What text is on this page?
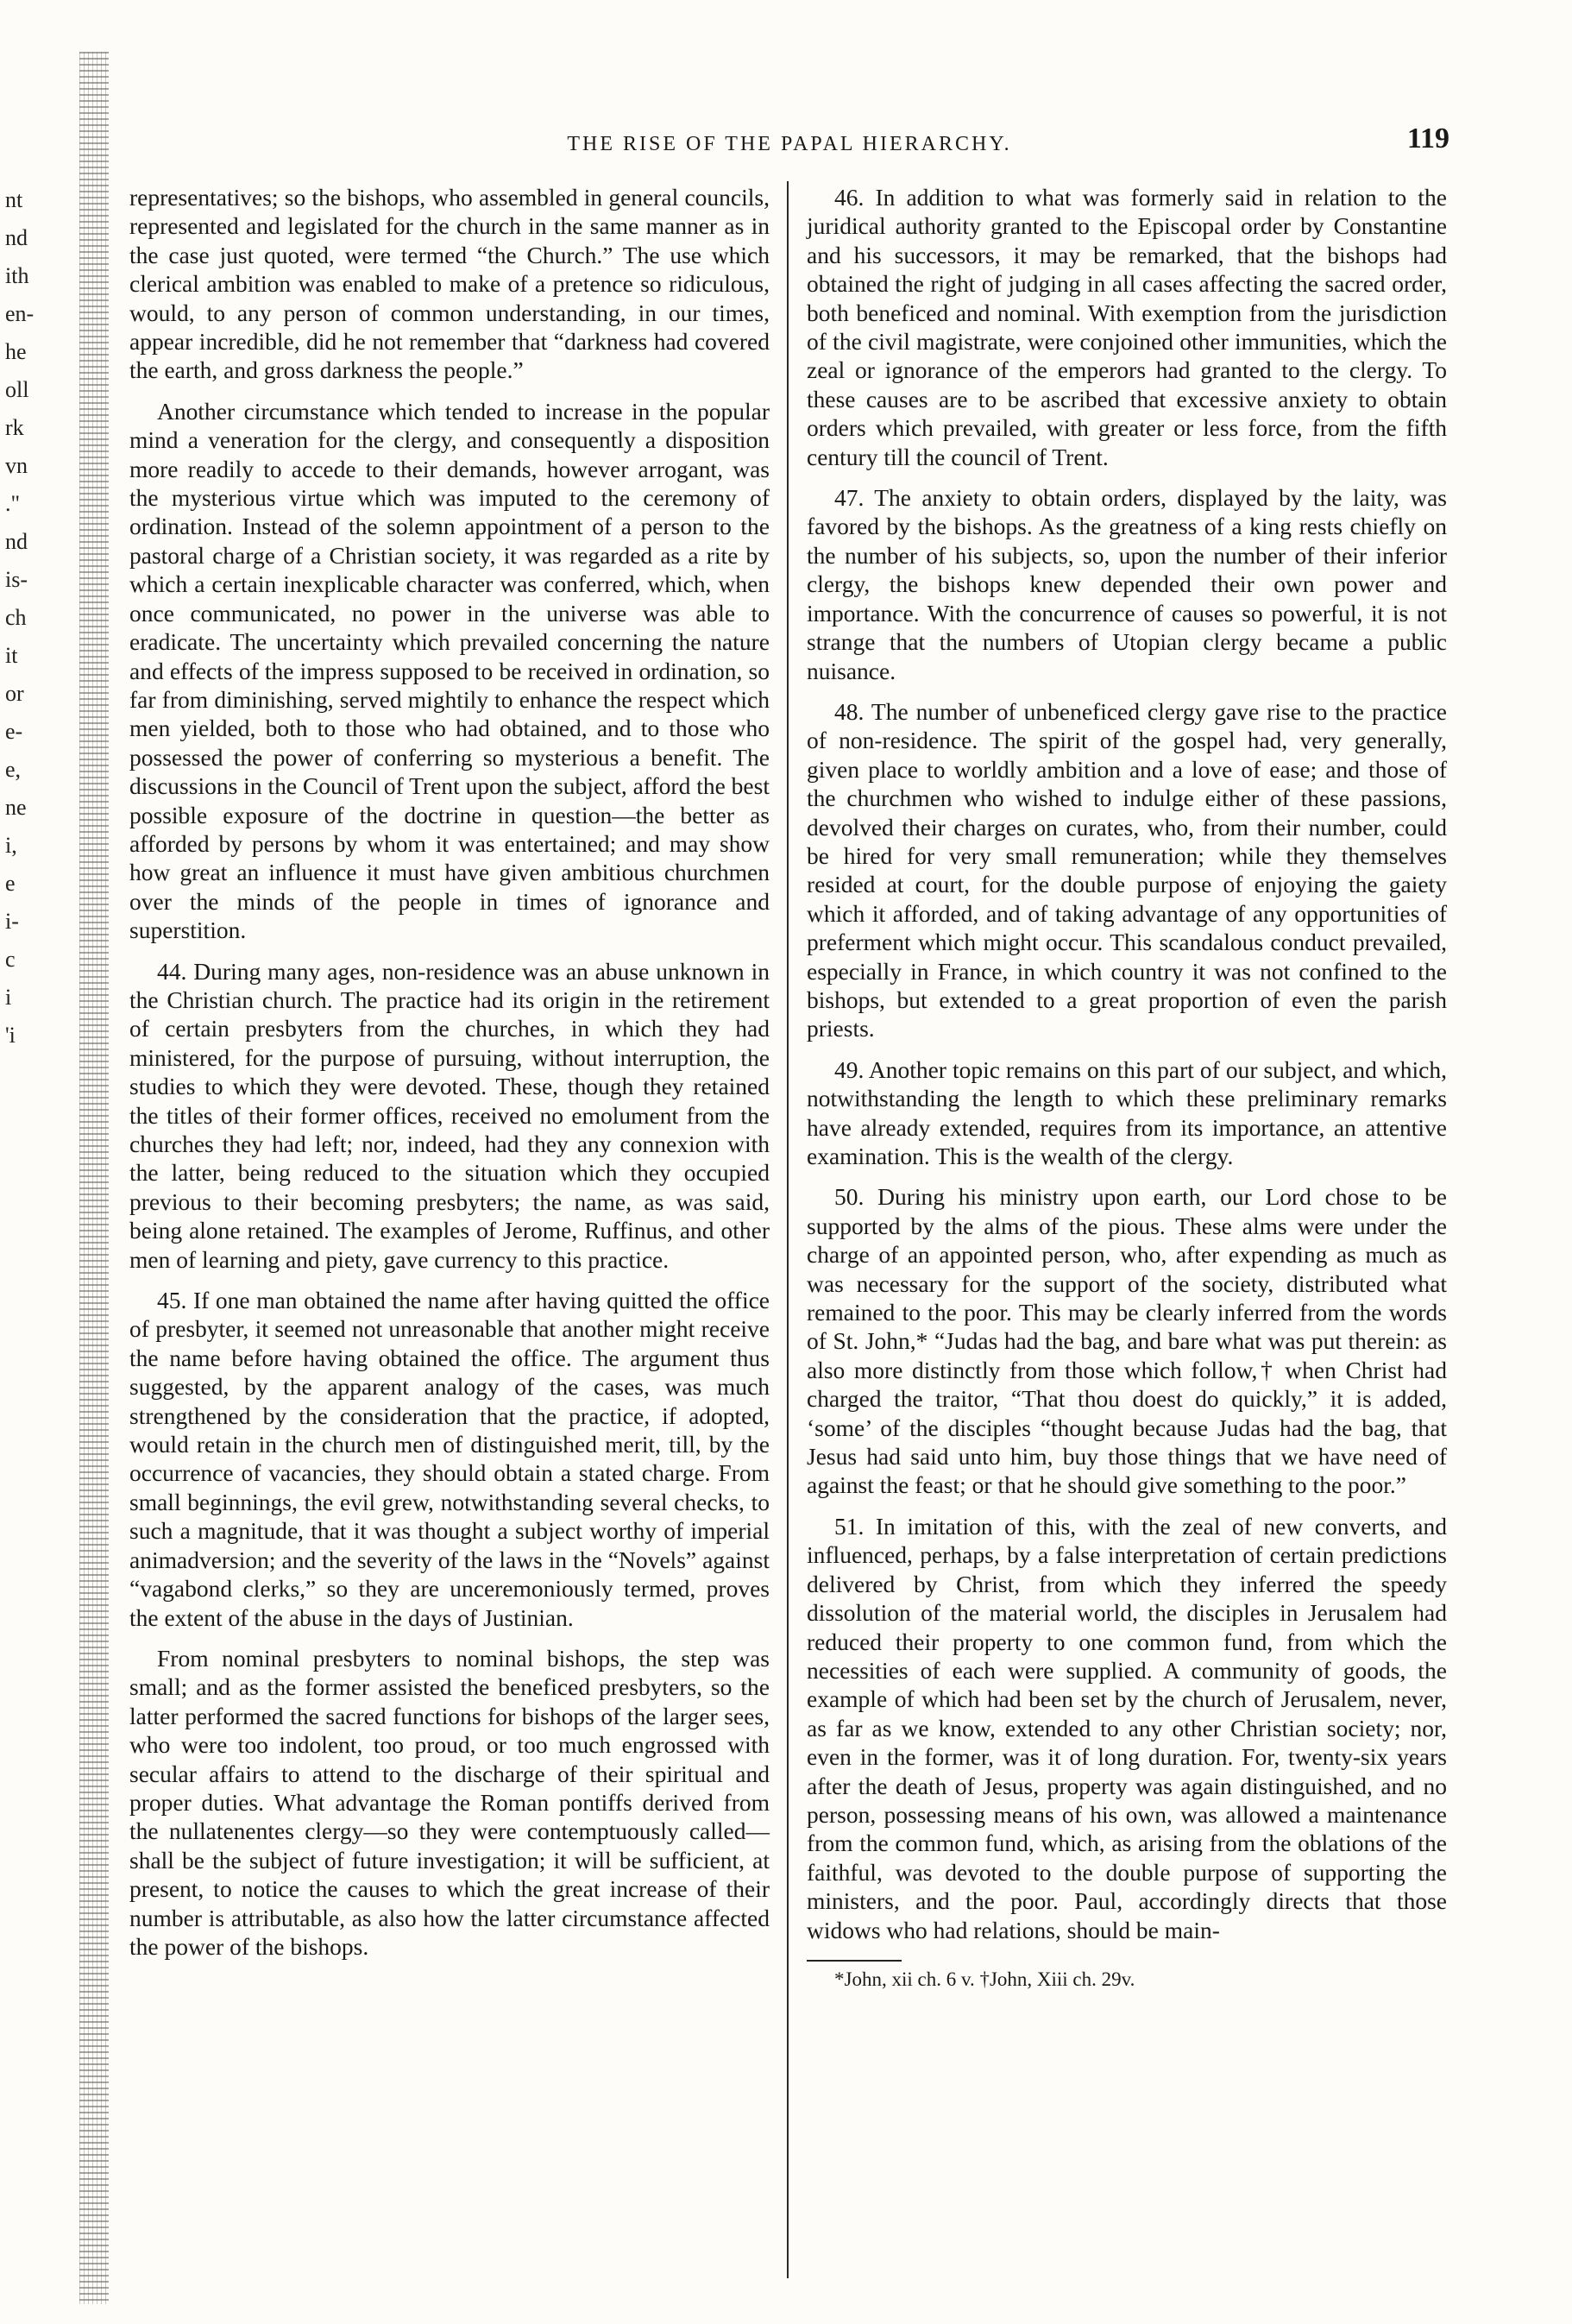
nt
nd
ith
en-
he
oll
rk
vn
."
nd
is-
ch
it
or
e-
e,
ne
i,
e
i-
c
i
'i
THE RISE OF THE PAPAL HIERARCHY.	119

representatives; so the bishops, who assembled in general councils, represented and legislated for the church in the same manner as in the case just quoted, were termed “the Church.” The use which clerical ambition was enabled to make of a pretence so ridiculous, would, to any person of common understanding, in our times, appear incredible, did he not remember that “darkness had covered the earth, and gross darkness the people.”

Another circumstance which tended to increase in the popular mind a veneration for the clergy, and consequently a disposition more readily to accede to their demands, however arrogant, was the mysterious virtue which was imputed to the ceremony of ordination. Instead of the solemn appointment of a person to the pastoral charge of a Christian society, it was regarded as a rite by which a certain inexplicable character was conferred, which, when once communicated, no power in the universe was able to eradicate. The uncertainty which prevailed concerning the nature and effects of the impress supposed to be received in ordination, so far from diminishing, served mightily to enhance the respect which men yielded, both to those who had obtained, and to those who possessed the power of conferring so mysterious a benefit. The discussions in the Council of Trent upon the subject, afford the best possible exposure of the doctrine in question—the better as afforded by persons by whom it was entertained; and may show how great an influence it must have given ambitious churchmen over the minds of the people in times of ignorance and superstition.

44. During many ages, non-residence was an abuse unknown in the Christian church. The practice had its origin in the retirement of certain presbyters from the churches, in which they had ministered, for the purpose of pursuing, without interruption, the studies to which they were devoted. These, though they retained the titles of their former offices, received no emolument from the churches they had left; nor, indeed, had they any connexion with the latter, being reduced to the situation which they occupied previous to their becoming presbyters; the name, as was said, being alone retained. The examples of Jerome, Ruffinus, and other men of learning and piety, gave currency to this practice.

45. If one man obtained the name after having quitted the office of presbyter, it seemed not unreasonable that another might receive the name before having obtained the office. The argument thus suggested, by the apparent analogy of the cases, was much strengthened by the consideration that the practice, if adopted, would retain in the church men of distinguished merit, till, by the occurrence of vacancies, they should obtain a stated charge. From small beginnings, the evil grew, notwithstanding several checks, to such a magnitude, that it was thought a subject worthy of imperial animadversion; and the severity of the laws in the “Novels” against “vagabond clerks,” so they are unceremoniously termed, proves the extent of the abuse in the days of Justinian.

From nominal presbyters to nominal bishops, the step was small; and as the former assisted the beneficed presbyters, so the latter performed the sacred functions for bishops of the larger sees, who were too indolent, too proud, or too much engrossed with secular affairs to attend to the discharge of their spiritual and proper duties. What advantage the Roman pontiffs derived from the nullatenentes clergy—so they were contemptuously called—shall be the subject of future investigation; it will be sufficient, at present, to notice the causes to which the great increase of their number is attributable, as also how the latter circumstance affected the power of the bishops.

46. In addition to what was formerly said in relation to the juridical authority granted to the Episcopal order by Constantine and his successors, it may be remarked, that the bishops had obtained the right of judging in all cases affecting the sacred order, both beneficed and nominal. With exemption from the jurisdiction of the civil magistrate, were conjoined other immunities, which the zeal or ignorance of the emperors had granted to the clergy. To these causes are to be ascribed that excessive anxiety to obtain orders which prevailed, with greater or less force, from the fifth century till the council of Trent.

47. The anxiety to obtain orders, displayed by the laity, was favored by the bishops. As the greatness of a king rests chiefly on the number of his subjects, so, upon the number of their inferior clergy, the bishops knew depended their own power and importance. With the concurrence of causes so powerful, it is not strange that the numbers of Utopian clergy became a public nuisance.

48. The number of unbeneficed clergy gave rise to the practice of non-residence. The spirit of the gospel had, very generally, given place to worldly ambition and a love of ease; and those of the churchmen who wished to indulge either of these passions, devolved their charges on curates, who, from their number, could be hired for very small remuneration; while they themselves resided at court, for the double purpose of enjoying the gaiety which it afforded, and of taking advantage of any opportunities of preferment which might occur. This scandalous conduct prevailed, especially in France, in which country it was not confined to the bishops, but extended to a great proportion of even the parish priests.

49. Another topic remains on this part of our subject, and which, notwithstanding the length to which these preliminary remarks have already extended, requires from its importance, an attentive examination. This is the wealth of the clergy.

50. During his ministry upon earth, our Lord chose to be supported by the alms of the pious. These alms were under the charge of an appointed person, who, after expending as much as was necessary for the support of the society, distributed what remained to the poor. This may be clearly inferred from the words of St. John,* “Judas had the bag, and bare what was put therein: as also more distinctly from those which follow,† when Christ had charged the traitor, “That thou doest do quickly,” it is added, ‘some’ of the disciples “thought because Judas had the bag, that Jesus had said unto him, buy those things that we have need of against the feast; or that he should give something to the poor.”

51. In imitation of this, with the zeal of new converts, and influenced, perhaps, by a false interpretation of certain predictions delivered by Christ, from which they inferred the speedy dissolution of the material world, the disciples in Jerusalem had reduced their property to one common fund, from which the necessities of each were supplied. A community of goods, the example of which had been set by the church of Jerusalem, never, as far as we know, extended to any other Christian society; nor, even in the former, was it of long duration. For, twenty-six years after the death of Jesus, property was again distinguished, and no person, possessing means of his own, was allowed a maintenance from the common fund, which, as arising from the oblations of the faithful, was devoted to the double purpose of supporting the ministers, and the poor. Paul, accordingly directs that those widows who had relations, should be main-

*John, xii ch. 6 v. †John, Xiii ch. 29v.
